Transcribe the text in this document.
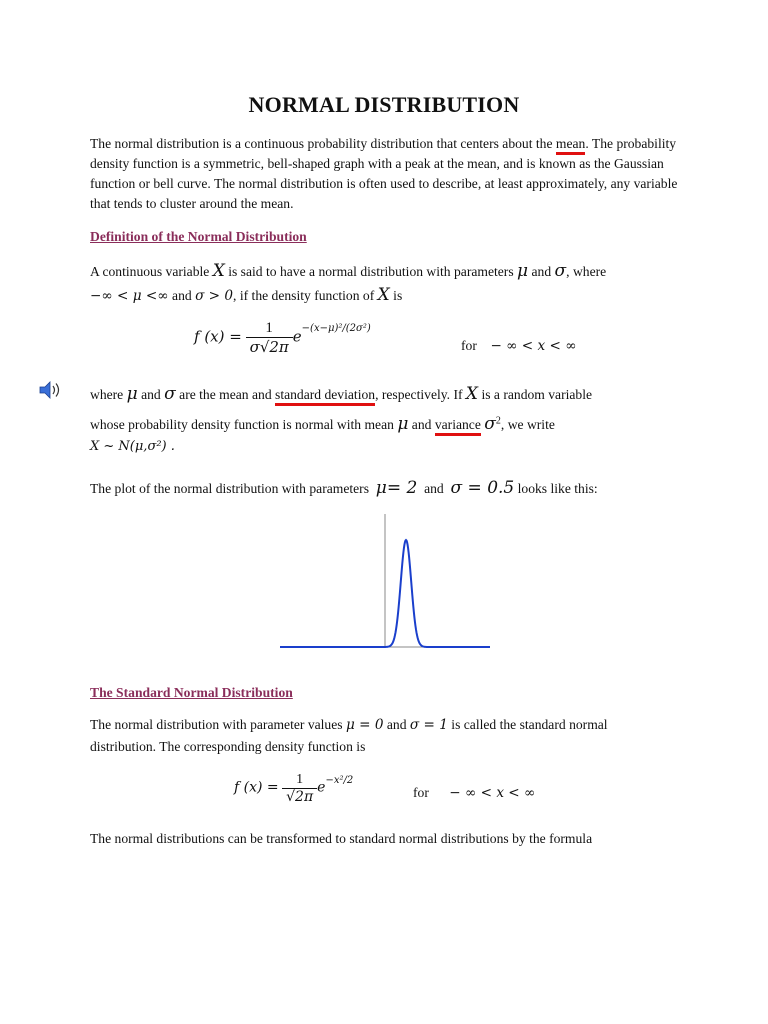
NORMAL DISTRIBUTION

The normal distribution is a continuous probability distribution that centers about the mean. The probability density function is a symmetric, bell-shaped graph with a peak at the mean, and is known as the Gaussian function or bell curve. The normal distribution is often used to describe, at least approximately, any variable that tends to cluster around the mean.

Definition of the Normal Distribution

A continuous variable X is said to have a normal distribution with parameters μ and σ, where
−∞ < μ <∞ and σ > 0, if the density function of X is
f $(x) = \frac{1}{\sigma√2\pi} e^{-(x-\mu)^2/(2\sigma^2)}$
for − ∞ < x < ∞
where μ and σ are the mean and standard deviation, respectively. If X is a random variable
whose probability density function is normal with mean μ and variance $\sigma^2$, we write
X ~ N(μ,σ²) .
The plot of the normal distribution with parameters μ= 2 and σ = 0.5 looks like this:

The Standard Normal Distribution

The normal distribution with parameter values μ = 0 and σ = 1 is called the standard normal
distribution. The corresponding density function is
f $(x) = \frac{1}{√2\pi} e^{-x^2/2}$
for − ∞ < x < ∞
The normal distributions can be transformed to standard normal distributions by the formula
